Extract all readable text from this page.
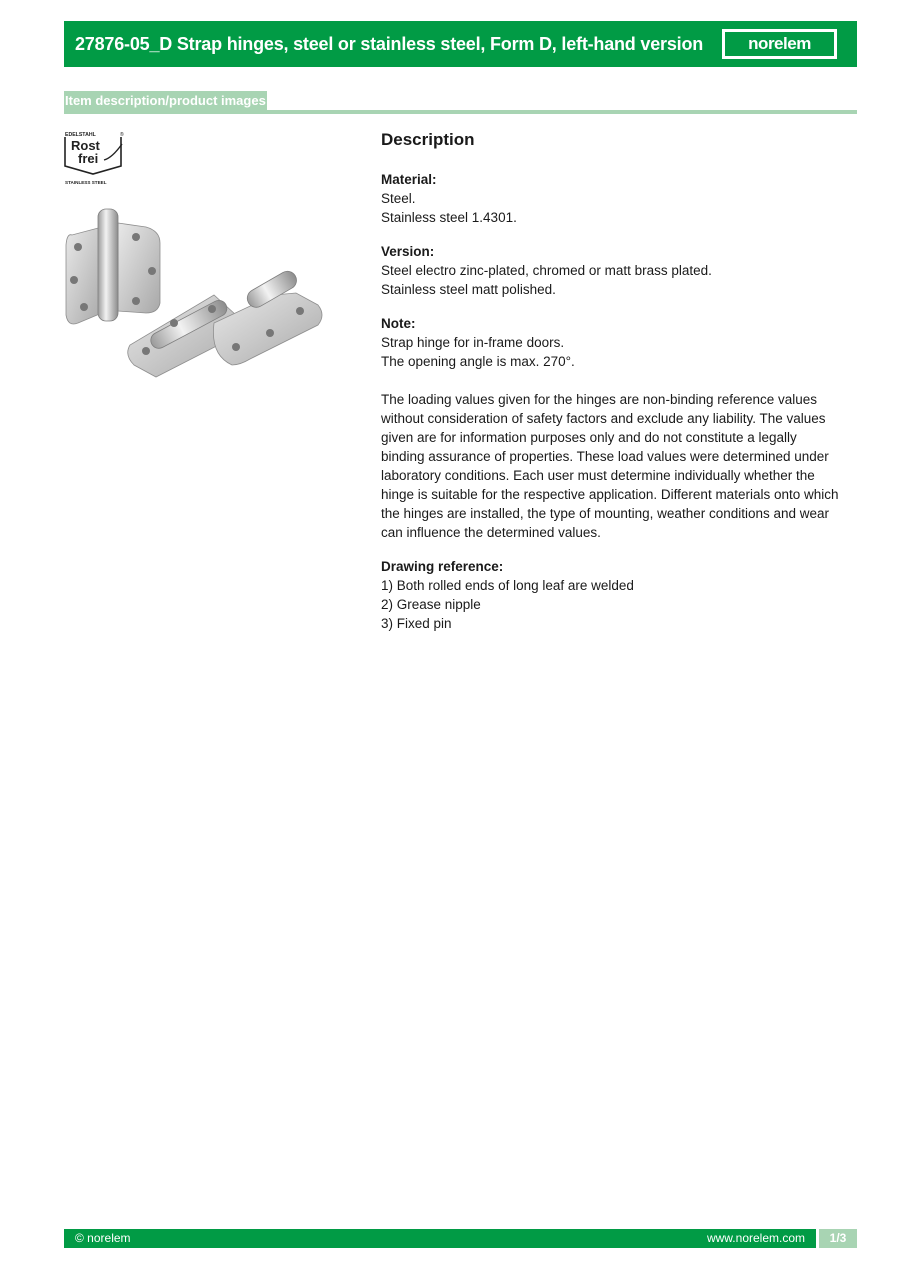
27876-05_D Strap hinges, steel or stainless steel, Form D, left-hand version	norelem
Item description/product images
EDELSTAHL	®
Rost
frei
STAINLESS STEEL
Description
Material:
Steel.
Stainless steel 1.4301.
Version:
Steel electro zinc-plated, chromed or matt brass plated.
Stainless steel matt polished.
Note:
Strap hinge for in-frame doors.
The opening angle is max. 270°.
The loading values given for the hinges are non-binding reference values without consideration of safety factors and exclude any liability. The values given are for information purposes only and do not constitute a legally binding assurance of properties. These load values were determined under laboratory conditions. Each user must determine individually whether the hinge is suitable for the respective application. Different materials onto which the hinges are installed, the type of mounting, weather conditions and wear can influence the determined values.
Drawing reference:
1) Both rolled ends of long leaf are welded
2) Grease nipple
3) Fixed pin
© norelem	www.norelem.com	1/3
